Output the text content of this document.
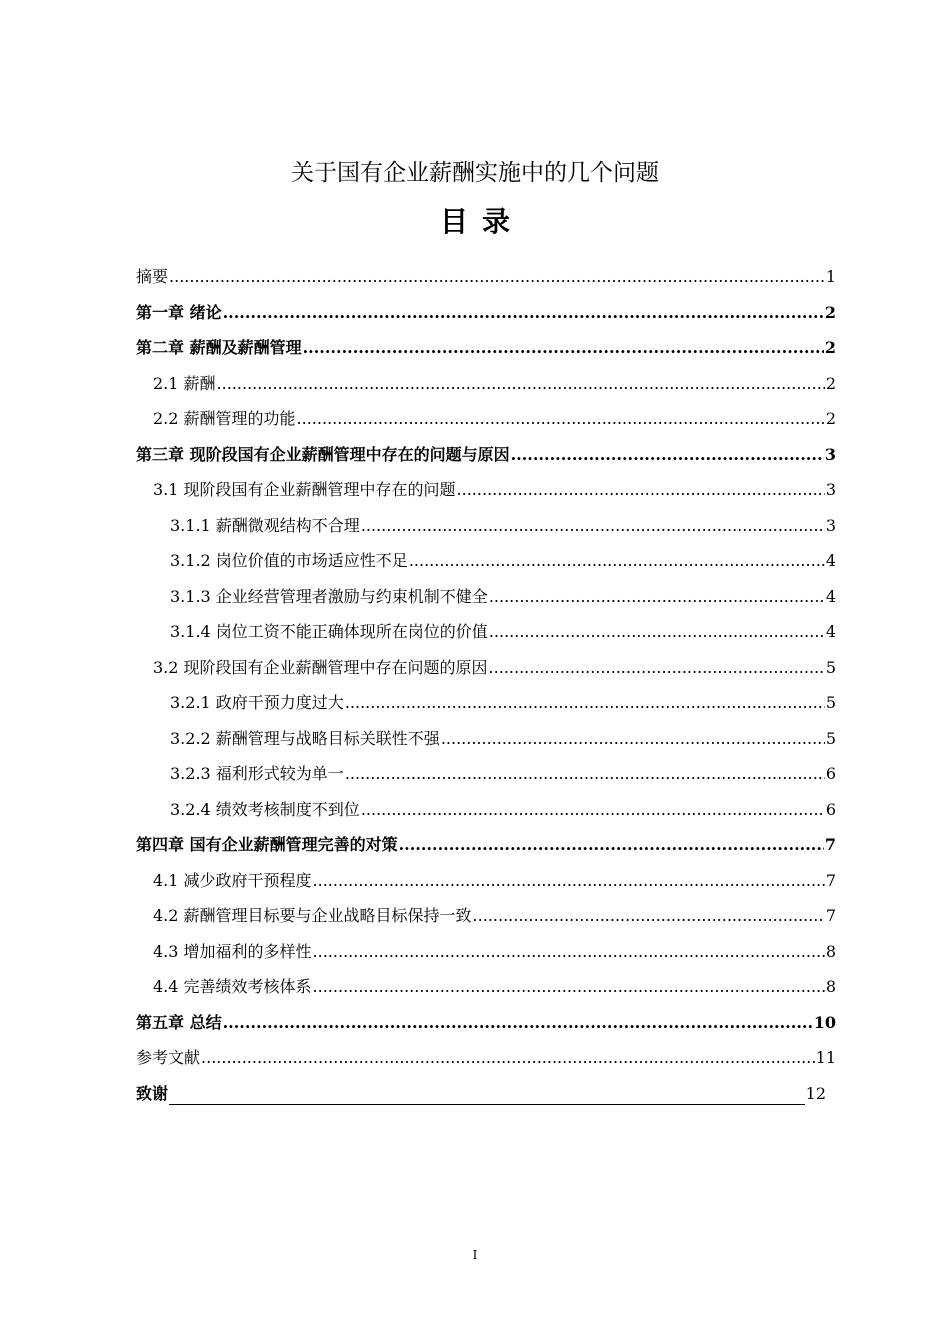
关于国有企业薪酬实施中的几个问题
目录
摘要 .....	1
第一章 绪论 .....	2
第二章 薪酬及薪酬管理 .....	2
2.1 薪酬 .....	2
2.2 薪酬管理的功能 .....	2
第三章 现阶段国有企业薪酬管理中存在的问题与原因 .....	3
3.1 现阶段国有企业薪酬管理中存在的问题 .....	3
3.1.1 薪酬微观结构不合理 .....	3
3.1.2 岗位价值的市场适应性不足 .....	4
3.1.3 企业经营管理者激励与约束机制不健全 .....	4
3.1.4 岗位工资不能正确体现所在岗位的价值 .....	4
3.2 现阶段国有企业薪酬管理中存在问题的原因 .....	5
3.2.1 政府干预力度过大 .....	5
3.2.2 薪酬管理与战略目标关联性不强 .....	5
3.2.3 福利形式较为单一 .....	6
3.2.4 绩效考核制度不到位 .....	6
第四章 国有企业薪酬管理完善的对策 .....	7
4.1 减少政府干预程度 .....	7
4.2 薪酬管理目标要与企业战略目标保持一致 .....	7
4.3 增加福利的多样性 .....	8
4.4 完善绩效考核体系 .....	8
第五章 总结 .....	10
参考文献 .....	11
致谢	12
I
